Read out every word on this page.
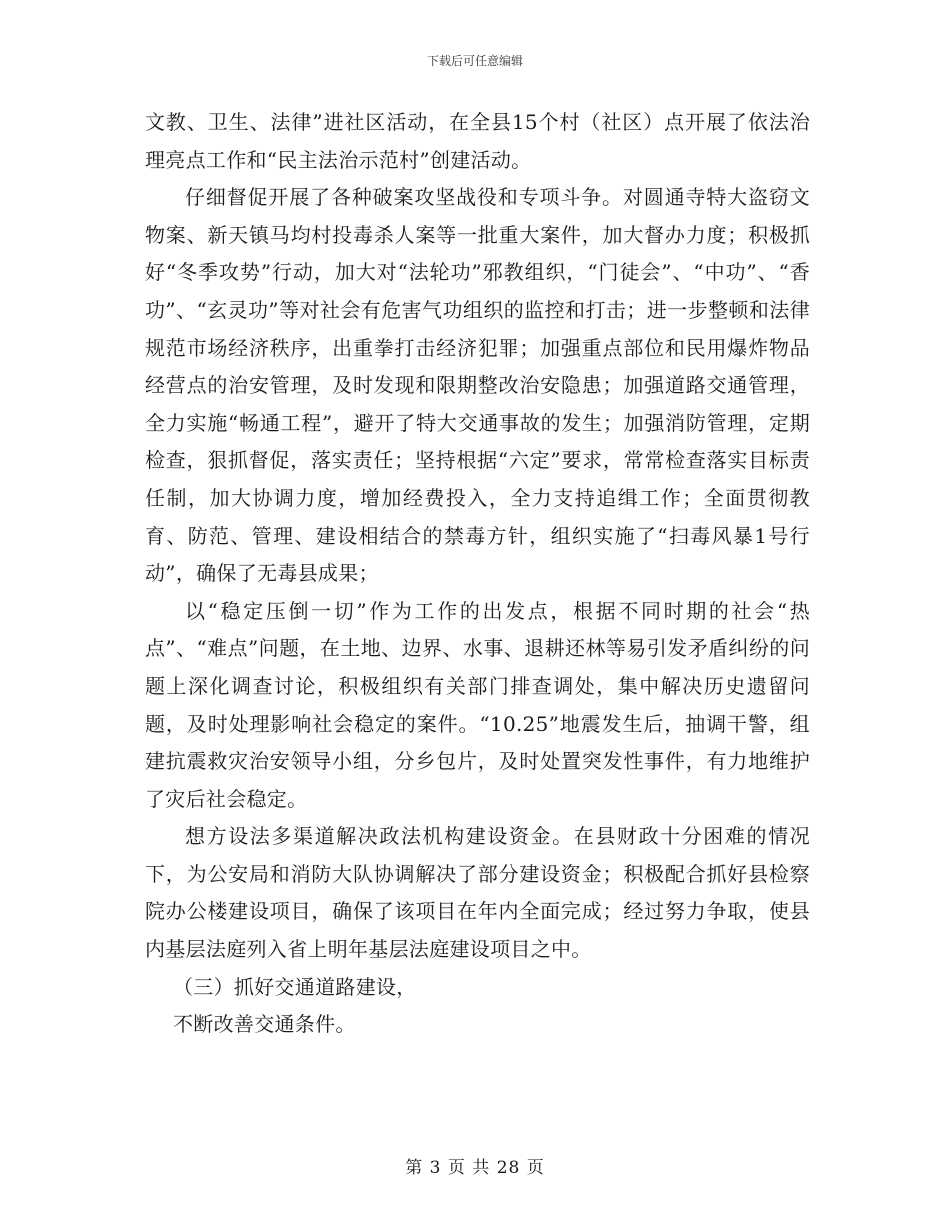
下载后可任意编辑

文教、卫生、法律”进社区活动，在全县15个村（社区）点开展了依法治理亮点工作和“民主法治示范村”创建活动。

仔细督促开展了各种破案攻坚战役和专项斗争。对圆通寺特大盗窃文物案、新天镇马均村投毒杀人案等一批重大案件，加大督办力度；积极抓好“冬季攻势”行动，加大对“法轮功”邪教组织，“门徒会”、“中功”、“香功”、“玄灵功”等对社会有危害气功组织的监控和打击；进一步整顿和法律规范市场经济秩序，出重拳打击经济犯罪；加强重点部位和民用爆炸物品经营点的治安管理，及时发现和限期整改治安隐患；加强道路交通管理，全力实施“畅通工程”，避开了特大交通事故的发生；加强消防管理，定期检查，狠抓督促，落实责任；坚持根据“六定”要求，常常检查落实目标责任制，加大协调力度，增加经费投入，全力支持追缉工作；全面贯彻教育、防范、管理、建设相结合的禁毒方针，组织实施了“扫毒风暴1号行动”，确保了无毒县成果；

以“稳定压倒一切”作为工作的出发点，根据不同时期的社会“热点”、“难点”问题，在土地、边界、水事、退耕还林等易引发矛盾纠纷的问题上深化调查讨论，积极组织有关部门排查调处，集中解决历史遗留问题，及时处理影响社会稳定的案件。“10.25”地震发生后，抽调干警，组建抗震救灾治安领导小组，分乡包片，及时处置突发性事件，有力地维护了灾后社会稳定。

想方设法多渠道解决政法机构建设资金。在县财政十分困难的情况下，为公安局和消防大队协调解决了部分建设资金；积极配合抓好县检察院办公楼建设项目，确保了该项目在年内全面完成；经过努力争取，使县内基层法庭列入省上明年基层法庭建设项目之中。

（三）抓好交通道路建设，

不断改善交通条件。

第 3 页 共 28 页
